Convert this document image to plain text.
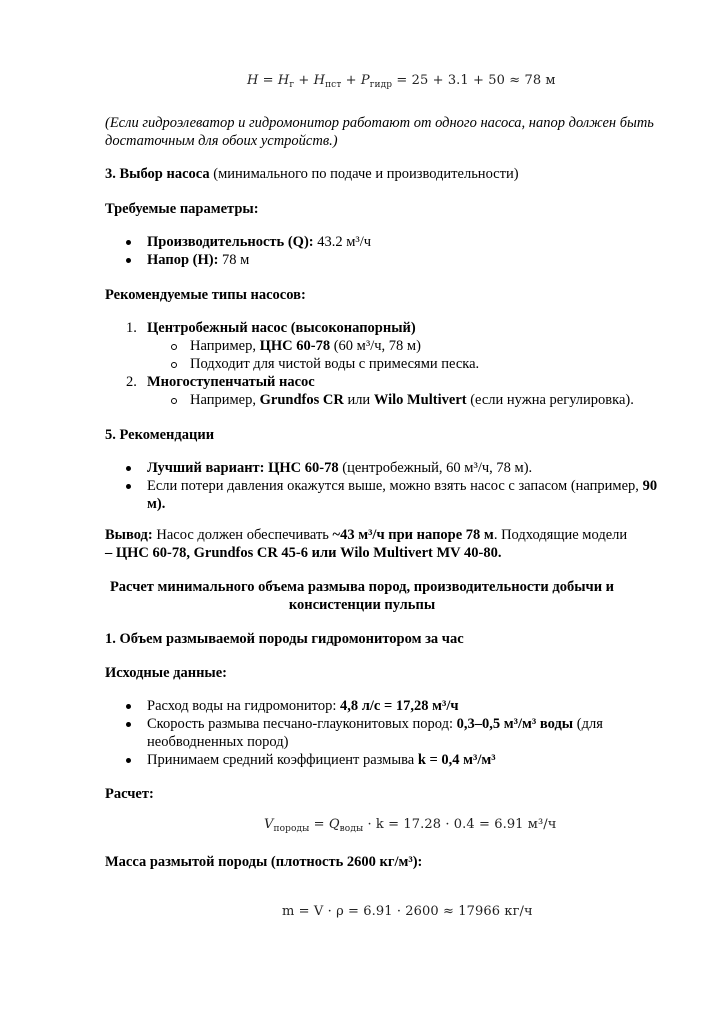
$H = H_г + H_{пст} + P_{гидр} = 25 + 3.1 + 50 \approx 78$ м
(Если гидроэлеватор и гидромонитор работают от одного насоса, напор должен быть
достаточным для обоих устройств.)
3. Выбор насоса (минимального по подаче и производительности)
Требуемые параметры:
Производительность (Q): 43.2 м³/ч
Напор (H): 78 м
Рекомендуемые типы насосов:
1. Центробежный насос (высоконапорный)
Например, ЦНС 60-78 (60 м³/ч, 78 м)
Подходит для чистой воды с примесями песка.
2. Многоступенчатый насос
Например, Grundfos CR или Wilo Multivert (если нужна регулировка).
5. Рекомендации
Лучший вариант: ЦНС 60-78 (центробежный, 60 м³/ч, 78 м).
Если потери давления окажутся выше, можно взять насос с запасом (например, 90
м).
Вывод: Насос должен обеспечивать ~43 м³/ч при напоре 78 м. Подходящие модели
– ЦНС 60-78, Grundfos CR 45-6 или Wilo Multivert MV 40-80.
Расчет минимального объема размыва пород, производительности добычи и
консистенции пульпы
1. Объем размываемой породы гидромонитором за час
Исходные данные:
Расход воды на гидромонитор: 4,8 л/с = 17,28 м³/ч
Скорость размыва песчано-глауконитовых пород: 0,3–0,5 м³/м³ воды (для
необводненных пород)
Принимаем средний коэффициент размыва k = 0,4 м³/м³
Расчет:
$V_{породы} = Q_{воды} \cdot k = 17.28 \cdot 0.4 = 6.91$ м³/ч
Масса размытой породы (плотность 2600 кг/м³):
m = V · ρ = 6.91 · 2600 ≈ 17966 кг/ч
